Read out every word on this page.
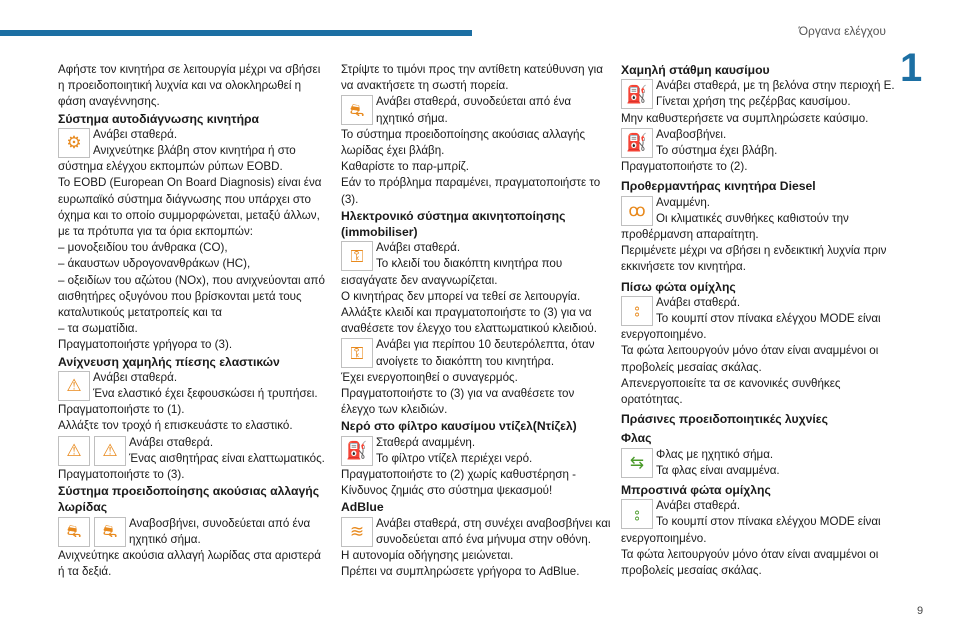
Όργανα ελέγχου
1
9

Αφήστε τον κινητήρα σε λειτουργία μέχρι να σβήσει η προειδοποιητική λυχνία και να ολοκληρωθεί η φάση αναγέννησης.

Σύστημα αυτοδιάγνωσης κινητήρα
⚙ Ανάβει σταθερά.

Ανιχνεύτηκε βλάβη στον κινητήρα ή στο

σύστημα ελέγχου εκπομπών ρύπων EOBD.

Το EOBD (European On Board Diagnosis) είναι ένα ευρωπαϊκό σύστημα διάγνωσης που υπάρχει στο όχημα και το οποίο συμμορφώνεται, μεταξύ άλλων, με τα πρότυπα για τα όρια εκπομπών:

– μονοξειδίου του άνθρακα (CO),

– άκαυστων υδρογονανθράκων (HC),

– οξειδίων του αζώτου (NOx), που ανιχνεύονται από αισθητήρες οξυγόνου που βρίσκονται μετά τους καταλυτικούς μετατροπείς και τα

– τα σωματίδια.

Πραγματοποιήστε γρήγορα το (3).

Ανίχνευση χαμηλής πίεσης ελαστικών
⚠ Ανάβει σταθερά.

Ένα ελαστικό έχει ξεφουσκώσει ή τρυπήσει.

Πραγματοποιήστε το (1).

Αλλάξτε τον τροχό ή επισκευάστε το ελαστικό.

⚠	⚠ Ανάβει σταθερά.

Ένας αισθητήρας είναι ελαττωματικός.

Πραγματοποιήστε το (3).

Σύστημα προειδοποίησης ακούσιας αλλαγής λωρίδας
⛐	⛐	Αναβοσβήνει, συνοδεύεται από ένα ηχητικό σήμα.

Ανιχνεύτηκε ακούσια αλλαγή λωρίδας στα αριστερά ή τα δεξιά.

Στρίψτε το τιμόνι προς την αντίθετη κατεύθυνση για να ανακτήσετε τη σωστή πορεία.

⛐	Ανάβει σταθερά, συνοδεύεται από ένα ηχητικό σήμα.

Το σύστημα προειδοποίησης ακούσιας αλλαγής λωρίδας έχει βλάβη.

Καθαρίστε το παρ-μπρίζ.

Εάν το πρόβλημα παραμένει, πραγματοποιήστε το (3).

Ηλεκτρονικό σύστημα ακινητοποίησης (immobiliser)
⚿	Ανάβει σταθερά.

Το κλειδί του διακόπτη κινητήρα που

εισαγάγατε δεν αναγνωρίζεται.

Ο κινητήρας δεν μπορεί να τεθεί σε λειτουργία.

Αλλάξτε κλειδί και πραγματοποιήστε το (3) για να αναθέσετε τον έλεγχο του ελαττωματικού κλειδιού.

⚿	Ανάβει για περίπου 10 δευτερόλεπτα, όταν ανοίγετε το διακόπτη του κινητήρα.

Έχει ενεργοποιηθεί ο συναγερμός.

Πραγματοποιήστε το (3) για να αναθέσετε τον έλεγχο των κλειδιών.

Νερό στο φίλτρο καυσίμου ντίζελ(Ντίζελ)
⛽ Σταθερά αναμμένη.

Το φίλτρο ντίζελ περιέχει νερό.

Πραγματοποιήστε το (2) χωρίς καθυστέρηση -

Κίνδυνος ζημιάς στο σύστημα ψεκασμού!

AdBlue
≋	Ανάβει σταθερά, στη συνέχει αναβοσβήνει και συνοδεύεται από ένα μήνυμα στην οθόνη.

Η αυτονομία οδήγησης μειώνεται.

Πρέπει να συμπληρώσετε γρήγορα το AdBlue.

Χαμηλή στάθμη καυσίμου
⛽ Ανάβει σταθερά, με τη βελόνα στην περιοχή E.

Γίνεται χρήση της ρεζέρβας καυσίμου.

Μην καθυστερήσετε να συμπληρώσετε καύσιμο.

⛽ Αναβοσβήνει.

Το σύστημα έχει βλάβη.

Πραγματοποιήστε το (2).

Προθερμαντήρας κινητήρα Diesel
ꝏ Αναμμένη.

Οι κλιματικές συνθήκες καθιστούν την

προθέρμανση απαραίτητη.

Περιμένετε μέχρι να σβήσει η ενδεικτική λυχνία πριν εκκινήσετε τον κινητήρα.

Πίσω φώτα ομίχλης
⦂	Ανάβει σταθερά.

Το κουμπί στον πίνακα ελέγχου MODE είναι

ενεργοποιημένο.

Τα φώτα λειτουργούν μόνο όταν είναι αναμμένοι οι προβολείς μεσαίας σκάλας.

Απενεργοποιείτε τα σε κανονικές συνθήκες ορατότητας.

Πράσινες προειδοποιητικές λυχνίες
Φλας
⇆	Φλας με ηχητικό σήμα.

Τα φλας είναι αναμμένα.

Μπροστινά φώτα ομίχλης
⦂	Ανάβει σταθερά.

Το κουμπί στον πίνακα ελέγχου MODE είναι

ενεργοποιημένο.

Τα φώτα λειτουργούν μόνο όταν είναι αναμμένοι οι προβολείς μεσαίας σκάλας.
